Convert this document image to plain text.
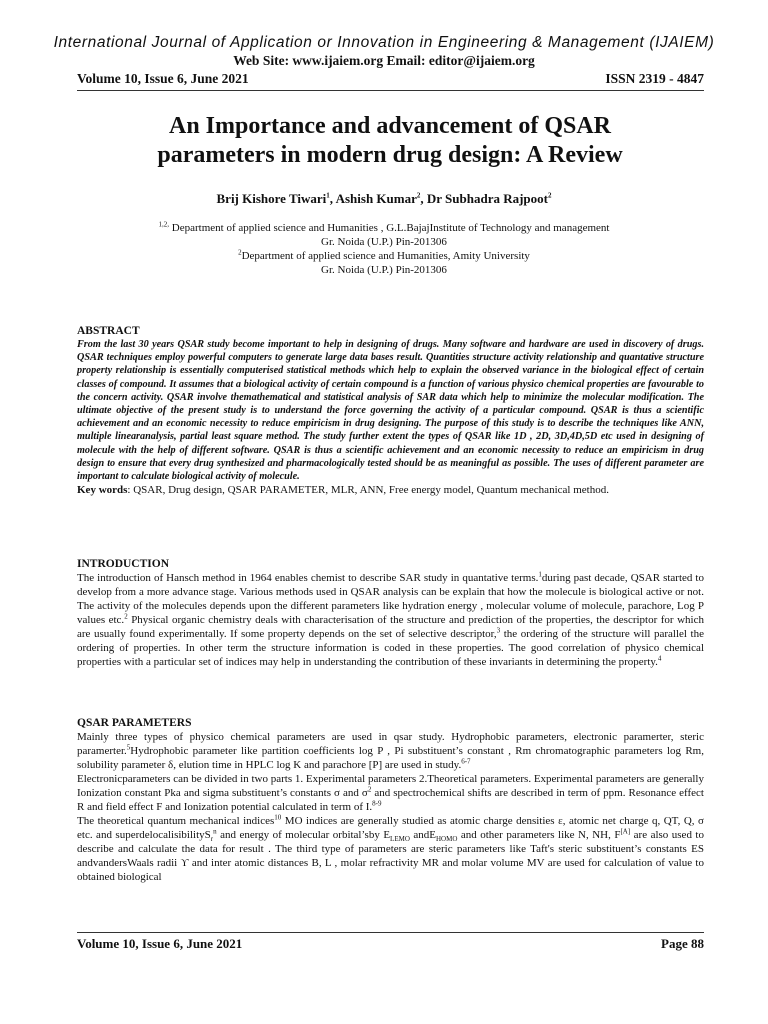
International Journal of Application or Innovation in Engineering & Management (IJAIEM)
Web Site: www.ijaiem.org Email: editor@ijaiem.org
Volume 10, Issue 6, June 2021	ISSN 2319 - 4847
An Importance and advancement of QSAR
parameters in modern drug design: A Review
Brij Kishore Tiwari$^1$, Ashish Kumar$^2$, Dr Subhadra Rajpoot$^2$
$^{1,2,}$ Department of applied science and Humanities , G.L.BajajInstitute of Technology and management
Gr. Noida (U.P.) Pin-201306
$^2$Department of applied science and Humanities, Amity University
Gr. Noida (U.P.) Pin-201306
ABSTRACT
From the last 30 years QSAR study become important to help in designing of drugs. Many software and hardware are used in discovery of drugs. QSAR techniques employ powerful computers to generate large data bases result. Quantities structure activity relationship and quantative structure property relationship is essentially computerised statistical methods which help to explain the observed variance in the biological effect of certain classes of compound. It assumes that a biological activity of certain compound is a function of various physico chemical properties are favourable to the concern activity. QSAR involve themathematical and statistical analysis of SAR data which help to minimize the molecular modification. The ultimate objective of the present study is to understand the force governing the activity of a particular compound. QSAR is thus a scientific achievement and an economic necessity to reduce empiricism in drug designing. The purpose of this study is to describe the techniques like ANN, multiple linearanalysis, partial least square method. The study further extent the types of QSAR like 1D , 2D, 3D,4D,5D etc used in designing of molecule with the help of different software. QSAR is thus a scientific achievement and an economic necessity to reduce an empiricism in drug design to ensure that every drug synthesized and pharmacologically tested should be as meaningful as possible. The uses of different parameter are important to calculate biological activity of molecule.
Key words: QSAR, Drug design, QSAR PARAMETER, MLR, ANN, Free energy model, Quantum mechanical method.
INTRODUCTION
The introduction of Hansch method in 1964 enables chemist to describe SAR study in quantative terms.$^1$during past decade, QSAR started to develop from a more advance stage. Various methods used in QSAR analysis can be explain that how the molecule is biological active or not. The activity of the molecules depends upon the different parameters like hydration energy , molecular volume of molecule, parachore, Log P values etc.$^2$ Physical organic chemistry deals with characterisation of the structure and prediction of the properties, the descriptor for which are usually found experimentally. If some property depends on the set of selective descriptor,$^3$ the ordering of the structure will parallel the ordering of properties. In other term the structure information is coded in these properties. The good correlation of physico chemical properties with a particular set of indices may help in understanding the contribution of these invariants in determining the property.$^4$
QSAR PARAMETERS
Mainly three types of physico chemical parameters are used in qsar study. Hydrophobic parameters, electronic paramerter, steric paramerter.$^5$Hydrophobic parameter like partition coefficients log P , Pi substituent’s constant , Rm chromatographic parameters log Rm, solubility parameter δ, elution time in HPLC log K and parachore [P] are used in study.$^{6-7}$
Electronicparameters can be divided in two parts 1. Experimental parameters 2.Theoretical parameters. Experimental parameters are generally Ionization constant Pka and sigma substituent’s constants σ and $\sigma^2$ and spectrochemical shifts are described in term of ppm. Resonance effect R and field effect F and Ionization potential calculated in term of I.$^{8-9}$
The theoretical quantum mechanical indices$^{10}$ MO indices are generally studied as atomic charge densities ε, atomic net charge q, QT, Q, σ etc. and superdelocalisibilityS$_r^n$ and energy of molecular orbital’sby $E_{LEMO}$ andE$_{HOMO}$ and other parameters like N, NH, F[A] are also used to describe and calculate the data for result . The third type of parameters are steric parameters like Taft's steric substituent’s constants ES andvandersWaals radii ϒ and inter atomic distances B, L , molar refractivity MR and molar volume MV are used for calculation of value to obtained biological
Volume 10, Issue 6, June 2021	Page 88
